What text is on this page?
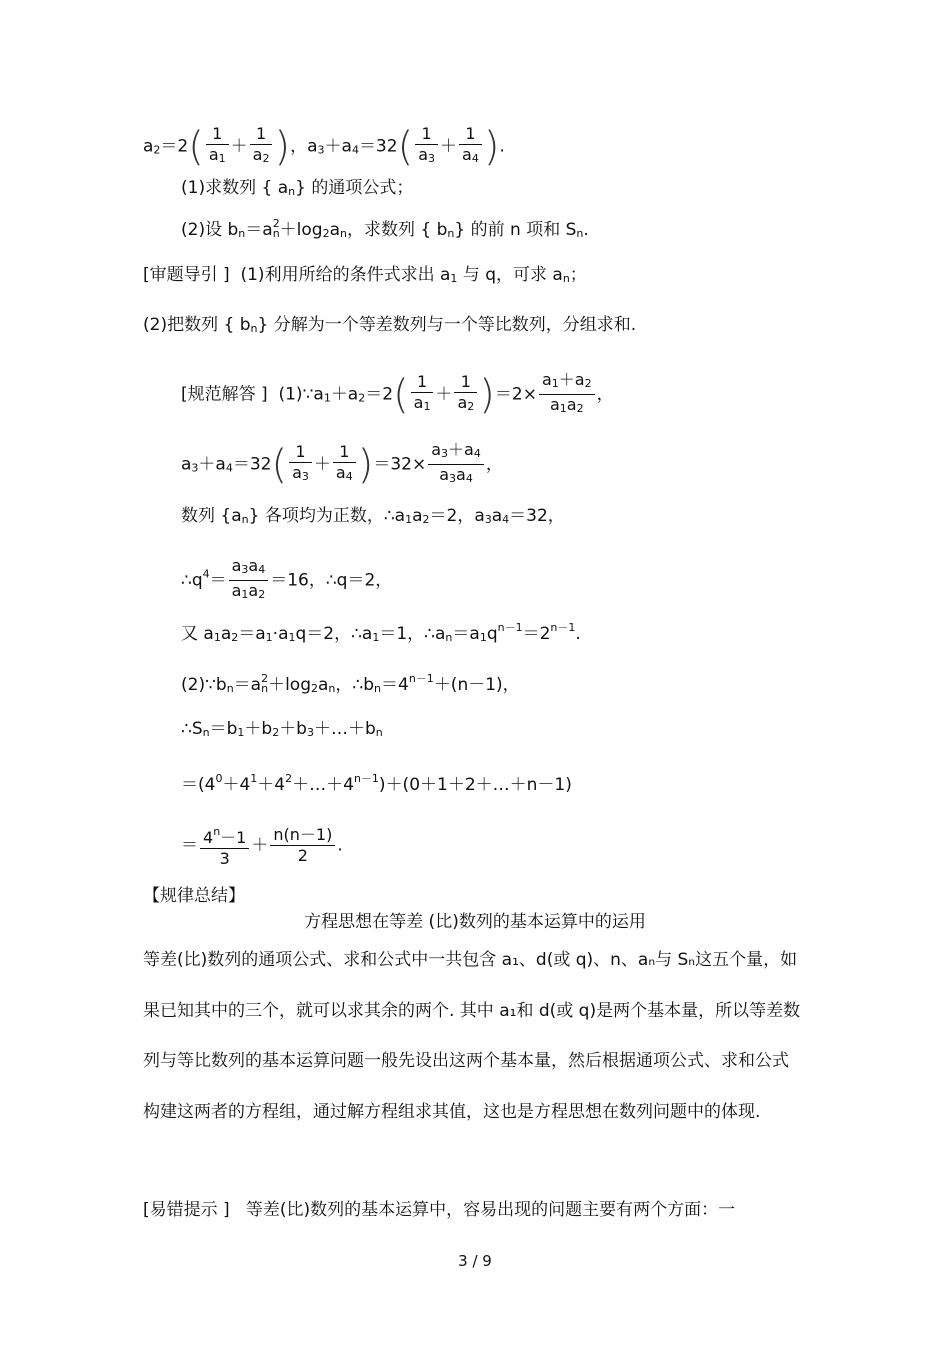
$a_2=2( \frac{1}{a_1} + \frac{1}{a_2}$ )，$a_3+a_4=32( \frac{1}{a_3} + \frac{1}{a_4}$ ).
(1)求数列 { $a_n$} 的通项公式；
(2)设 $b_n=a^2_n+\log_2a_n$，求数列 { $b_n$} 的前 n 项和 $S_n$.
[审题导引 ] (1)利用所给的条件式求出 $a_1$ 与 q，可求 $a_n$；
(2)把数列 { $b_n$} 分解为一个等差数列与一个等比数列，分组求和.
[规范解答 ] $(1)\because a_1+a_2=2( \frac{1}{a_1} + \frac{1}{a_2} )=2\times \frac{a_1+a_2}{a_1a_2}$ ，
$a_3+a_4=32( \frac{1}{a_3} + \frac{1}{a_4} )=32\times \frac{a_3+a_4}{a_3a_4}$ ，
数列 $\{a_n\}$ 各项均为正数，$\therefore a_1a_2=2$，$a_3a_4=32$，
$\therefore q^4= \frac{a_3a_4}{a_1a_2} =16$，∴q＝2，
又 $a_1a_2=a_1\cdot a_1q=2$，$\therefore a_1=1$，$\therefore a_n=a_1q^{n-1}=2^{n-1}$.
$(2)\because b_n=a^2_n+\log_2a_n$，$\therefore b_n=4^{n-1}+(n-1)$，
$\therefore S_n=b_1+b_2+b_3+\dots+b_n$
$=(4^0+4^1+4^2+\dots+4^{n-1})+(0+1+2+\dots+n-1)$
＝ $\frac{4^n-1}{3} + \frac{n(n-1)}{2}$ .
【规律总结】
方程思想在等差 (比)数列的基本运算中的运用
等差(比)数列的通项公式、求和公式中一共包含 a₁、d(或 q)、n、aₙ与 Sₙ这五个量，如果已知其中的三个，就可以求其余的两个. 其中 a₁和 d(或 q)是两个基本量，所以等差数列与等比数列的基本运算问题一般先设出这两个基本量，然后根据通项公式、求和公式构建这两者的方程组，通过解方程组求其值，这也是方程思想在数列问题中的体现.
[易错提示 ] 等差(比)数列的基本运算中，容易出现的问题主要有两个方面：一
3 / 9
